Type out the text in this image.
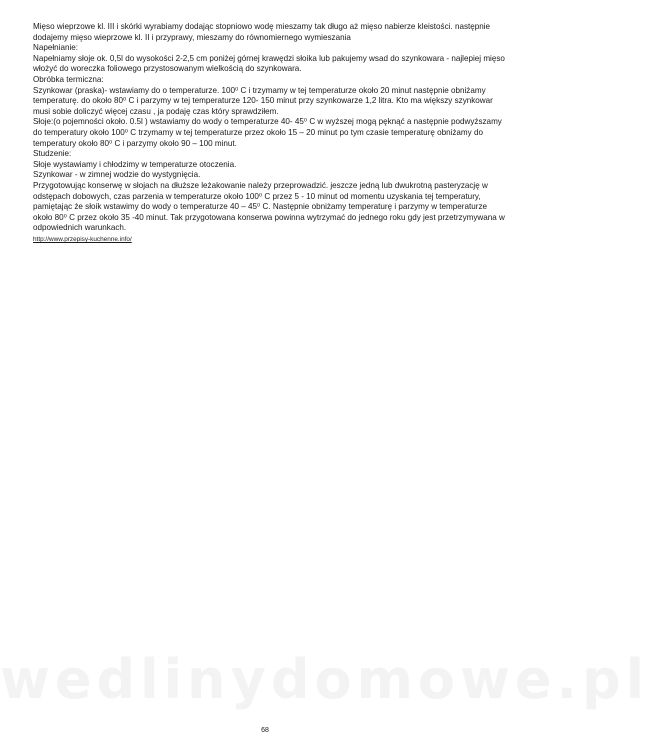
Mięso wieprzowe kl. III i skórki wyrabiamy dodając stopniowo wodę mieszamy tak długo aż mięso nabierze kleistości. następnie dodajemy mięso wieprzowe kl. II i przyprawy, mieszamy do równomiernego wymieszania

Napełnianie:

Napełniamy słoje ok. 0,5l do wysokości 2-2,5 cm poniżej górnej krawędzi słoika lub pakujemy wsad do szynkowara - najlepiej mięso włożyć do woreczka foliowego przystosowanym wielkością do szynkowara.

Obróbka termiczna:

Szynkowar (praska)- wstawiamy do o temperaturze. 100⁰ C i trzymamy w tej temperaturze około 20 minut następnie obniżamy temperaturę. do około 80⁰ C i parzymy w tej temperaturze 120- 150 minut przy szynkowarze 1,2 litra. Kto ma większy szynkowar musi sobie doliczyć więcej czasu , ja podaję czas który sprawdziłem.

Słoje:(o pojemności około. 0.5l ) wstawiamy do wody o temperaturze 40- 45⁰ C w wyższej mogą pęknąć a następnie podwyższamy do temperatury około 100⁰ C trzymamy w tej temperaturze przez około 15 – 20 minut po tym czasie temperaturę obniżamy do temperatury około 80⁰ C i parzymy około 90 – 100 minut.

Studzenie:

Słoje wystawiamy i chłodzimy w temperaturze otoczenia.

Szynkowar - w zimnej wodzie do wystygnięcia.

Przygotowując konserwę w słojach na dłuższe leżakowanie należy przeprowadzić. jeszcze jedną lub dwukrotną pasteryzację w odstępach dobowych, czas parzenia w temperaturze około 100⁰ C przez 5 - 10 minut od momentu uzyskania tej temperatury, pamiętając że słoik wstawimy do wody o temperaturze 40 – 45⁰ C. Następnie obniżamy temperaturę i parzymy w temperaturze około 80⁰ C przez około 35 -40 minut. Tak przygotowana konserwa powinna wytrzymać do jednego roku gdy jest przetrzymywana w odpowiednich warunkach.

http://www.przepisy-kuchenne.info/

wedlinydomowe.pl
68
